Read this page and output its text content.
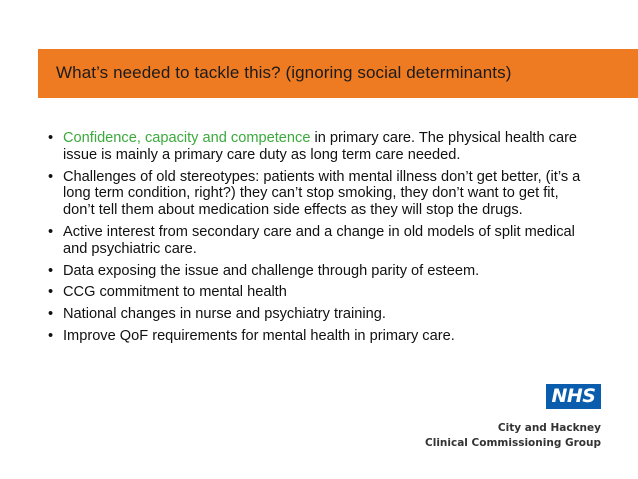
What’s needed to tackle this? (ignoring social determinants)
• Confidence, capacity and competence in primary care. The physical health care issue is mainly a primary care duty as long term care needed.
• Challenges of old stereotypes: patients with mental illness don’t get better, (it’s a long term condition, right?) they can’t stop smoking, they don’t want to get fit, don’t tell them about medication side effects as they will stop the drugs.
• Active interest from secondary care and a change in old models of split medical and psychiatric care.
• Data exposing the issue and challenge through parity of esteem.
• CCG commitment to mental health
• National changes in nurse and psychiatry training.
• Improve QoF requirements for mental health in primary care.
NHS
City and Hackney
Clinical Commissioning Group
